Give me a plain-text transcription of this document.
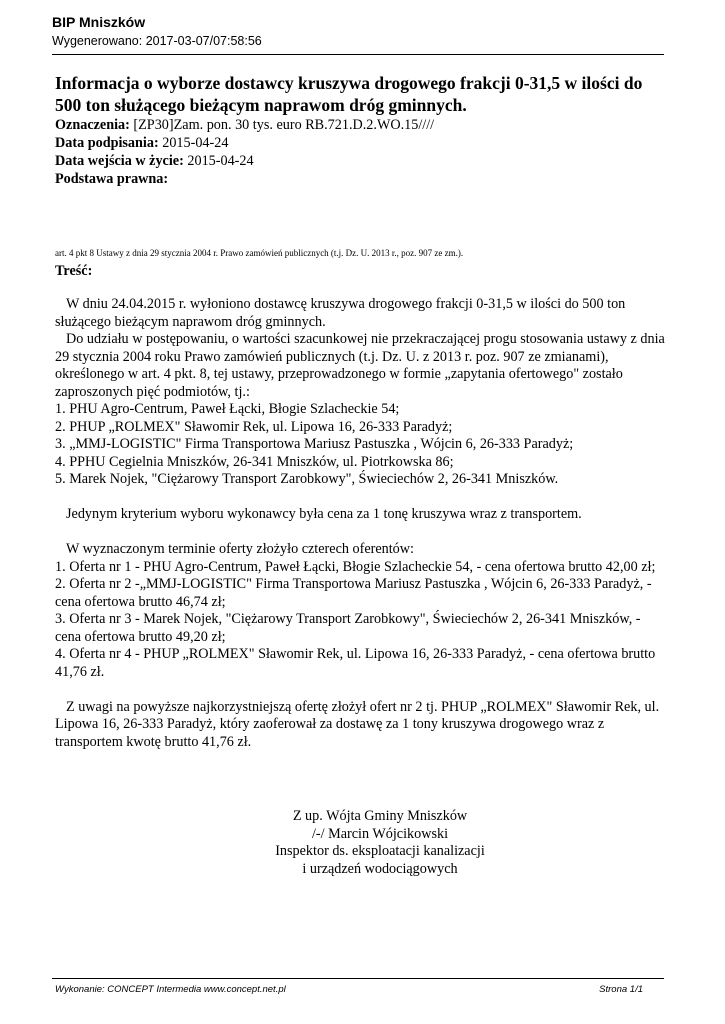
BIP Mniszków
Wygenerowano: 2017-03-07/07:58:56
Informacja o wyborze dostawcy kruszywa drogowego frakcji 0-31,5 w ilości do 500 ton służącego bieżącym naprawom dróg gminnych.
Oznaczenia: [ZP30]Zam. pon. 30 tys. euro RB.721.D.2.WO.15////
Data podpisania: 2015-04-24
Data wejścia w życie: 2015-04-24
Podstawa prawna:
art. 4 pkt 8 Ustawy z dnia 29 stycznia 2004 r. Prawo zamówień publicznych (t.j. Dz. U. 2013 r., poz. 907 ze zm.).
Treść:

W dniu 24.04.2015 r. wyłoniono dostawcę kruszywa drogowego frakcji 0-31,5 w ilości do 500 ton służącego bieżącym naprawom dróg gminnych.

Do udziału w postępowaniu, o wartości szacunkowej nie przekraczającej progu stosowania ustawy z dnia 29 stycznia 2004 roku Prawo zamówień publicznych (t.j. Dz. U. z 2013 r. poz. 907 ze zmianami), określonego w art. 4 pkt. 8, tej ustawy, przeprowadzonego w formie „zapytania ofertowego" zostało zaproszonych pięć podmiotów, tj.:

1. PHU Agro-Centrum, Paweł Łącki, Błogie Szlacheckie 54;

2. PHUP „ROLMEX" Sławomir Rek, ul. Lipowa 16, 26-333 Paradyż;

3. „MMJ-LOGISTIC" Firma Transportowa Mariusz Pastuszka , Wójcin 6, 26-333 Paradyż;

4. PPHU Cegielnia Mniszków, 26-341 Mniszków, ul. Piotrkowska 86;

5. Marek Nojek, "Ciężarowy Transport Zarobkowy", Świeciechów 2, 26-341 Mniszków.

Jedynym kryterium wyboru wykonawcy była cena za 1 tonę kruszywa wraz z transportem.

W wyznaczonym terminie oferty złożyło czterech oferentów:

1. Oferta nr 1 - PHU Agro-Centrum, Paweł Łącki, Błogie Szlacheckie 54, - cena ofertowa brutto 42,00 zł;

2. Oferta nr 2 -„MMJ-LOGISTIC" Firma Transportowa Mariusz Pastuszka , Wójcin 6, 26-333 Paradyż, - cena ofertowa brutto 46,74 zł;

3. Oferta nr 3 - Marek Nojek, "Ciężarowy Transport Zarobkowy", Świeciechów 2, 26-341 Mniszków, - cena ofertowa brutto 49,20 zł;

4. Oferta nr 4 - PHUP „ROLMEX" Sławomir Rek, ul. Lipowa 16, 26-333 Paradyż, - cena ofertowa brutto 41,76 zł.

Z uwagi na powyższe najkorzystniejszą ofertę złożył ofert nr 2 tj. PHUP „ROLMEX" Sławomir Rek, ul. Lipowa 16, 26-333 Paradyż, który zaoferował za dostawę za 1 tony kruszywa drogowego wraz z transportem kwotę brutto 41,76 zł.

Z up. Wójta Gminy Mniszków
/-/ Marcin Wójcikowski
Inspektor ds. eksploatacji kanalizacji
i urządzeń wodociągowych
Wykonanie: CONCEPT Intermedia www.concept.net.pl	Strona 1/1
